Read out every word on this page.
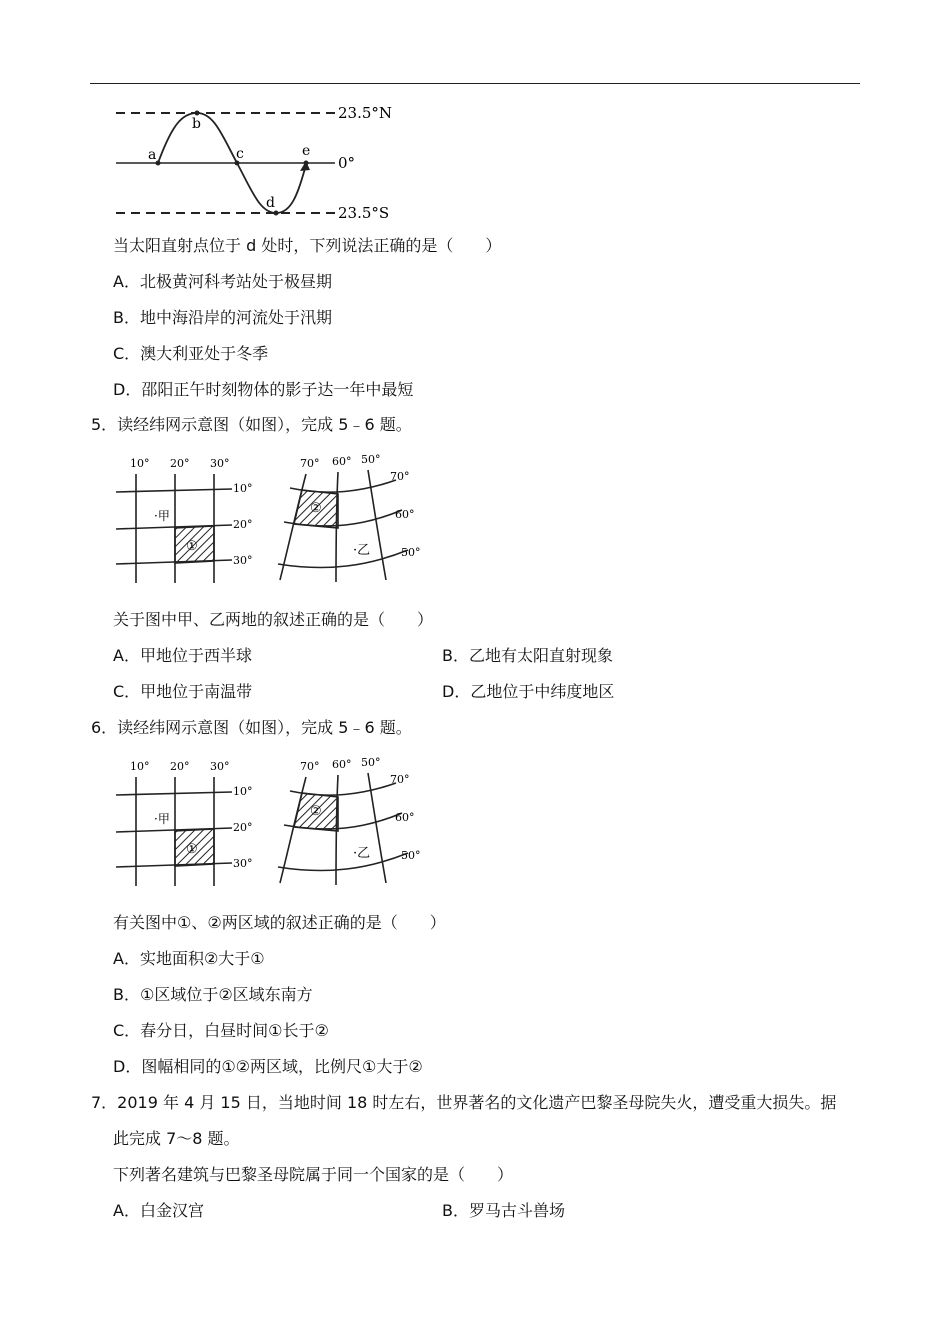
a
b
c
d
e
23.5°N
0°
23.5°S
当太阳直射点位于 d 处时，下列说法正确的是（　　）
A．北极黄河科考站处于极昼期
B．地中海沿岸的河流处于汛期
C．澳大利亚处于冬季
D．邵阳正午时刻物体的影子达一年中最短
5．读经纬网示意图（如图），完成 5﹣6 题。
10° 20° 30°
10°
20°
30°
①
·甲
70° 60° 50°
70°
60°
50°
②
·乙
关于图中甲、乙两地的叙述正确的是（　　）
A．甲地位于西半球	B．乙地有太阳直射现象
C．甲地位于南温带	D．乙地位于中纬度地区
6．读经纬网示意图（如图），完成 5﹣6 题。
10° 20° 30°
10°
20°
30°
①
·甲
70° 60° 50°
70°
60°
50°
②
·乙
有关图中①、②两区域的叙述正确的是（　　）
A．实地面积②大于①
B．①区域位于②区域东南方
C．春分日，白昼时间①长于②
D．图幅相同的①②两区域，比例尺①大于②
7．2019 年 4 月 15 日，当地时间 18 时左右，世界著名的文化遗产巴黎圣母院失火，遭受重大损失。据
此完成 7～8 题。
下列著名建筑与巴黎圣母院属于同一个国家的是（　　）
A．白金汉宫	B．罗马古斗兽场
